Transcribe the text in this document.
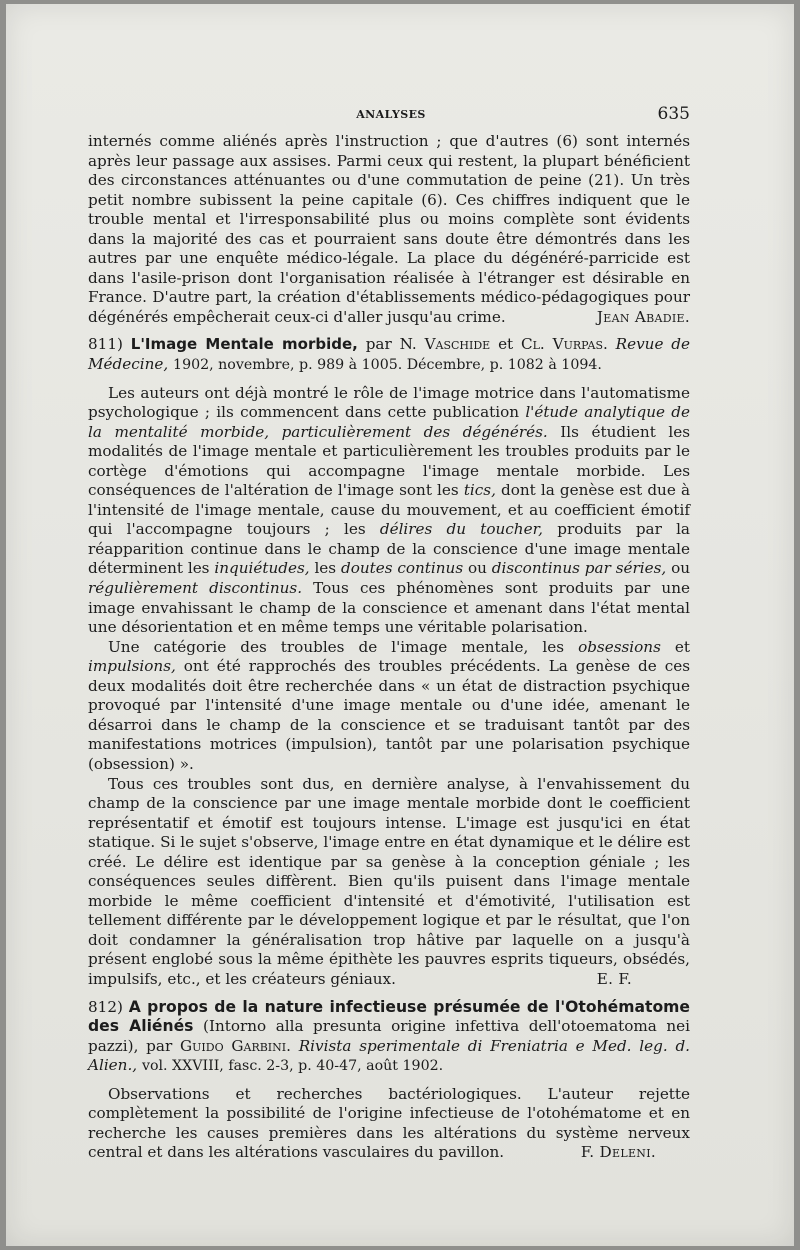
ANALYSES	635

internés comme aliénés après l'instruction ; que d'autres (6) sont internés après leur passage aux assises. Parmi ceux qui restent, la plupart bénéficient des circonstances atténuantes ou d'une commutation de peine (21). Un très petit nombre subissent la peine capitale (6). Ces chiffres indiquent que le trouble mental et l'irresponsabilité plus ou moins complète sont évidents dans la majorité des cas et pourraient sans doute être démontrés dans les autres par une enquête médico-légale. La place du dégénéré-parricide est dans l'asile-prison dont l'organisation réalisée à l'étranger est désirable en France. D'autre part, la création d'établissements médico-pédagogiques pour dégénérés empêcherait ceux-ci d'aller jusqu'au crime.	Jean Abadie.

811) L'Image Mentale morbide, par N. Vaschide et Cl. Vurpas. Revue de Médecine, 1902, novembre, p. 989 à 1005. Décembre, p. 1082 à 1094.

Les auteurs ont déjà montré le rôle de l'image motrice dans l'automatisme psychologique ; ils commencent dans cette publication l'étude analytique de la mentalité morbide, particulièrement des dégénérés. Ils étudient les modalités de l'image mentale et particulièrement les troubles produits par le cortège d'émotions qui accompagne l'image mentale morbide. Les conséquences de l'altération de l'image sont les tics, dont la genèse est due à l'intensité de l'image mentale, cause du mouvement, et au coefficient émotif qui l'accompagne toujours ; les délires du toucher, produits par la réapparition continue dans le champ de la conscience d'une image mentale déterminent les inquiétudes, les doutes continus ou discontinus par séries, ou régulièrement discontinus. Tous ces phénomènes sont produits par une image envahissant le champ de la conscience et amenant dans l'état mental une désorientation et en même temps une véritable polarisation.

Une catégorie des troubles de l'image mentale, les obsessions et impulsions, ont été rapprochés des troubles précédents. La genèse de ces deux modalités doit être recherchée dans « un état de distraction psychique provoqué par l'intensité d'une image mentale ou d'une idée, amenant le désarroi dans le champ de la conscience et se traduisant tantôt par des manifestations motrices (impulsion), tantôt par une polarisation psychique (obsession) ».

Tous ces troubles sont dus, en dernière analyse, à l'envahissement du champ de la conscience par une image mentale morbide dont le coefficient représentatif et émotif est toujours intense. L'image est jusqu'ici en état statique. Si le sujet s'observe, l'image entre en état dynamique et le délire est créé. Le délire est identique par sa genèse à la conception géniale ; les conséquences seules diffèrent. Bien qu'ils puisent dans l'image mentale morbide le même coefficient d'intensité et d'émotivité, l'utilisation est tellement différente par le développement logique et par le résultat, que l'on doit condamner la généralisation trop hâtive par laquelle on a jusqu'à présent englobé sous la même épithète les pauvres esprits tiqueurs, obsédés, impulsifs, etc., et les créateurs géniaux.	E. F.

812) A propos de la nature infectieuse présumée de l'Otohématome des Aliénés (Intorno alla presunta origine infettiva dell'otoematoma nei pazzi), par Guido Garbini. Rivista sperimentale di Freniatria e Med. leg. d. Alien., vol. XXVIII, fasc. 2-3, p. 40-47, août 1902.

Observations et recherches bactériologiques. L'auteur rejette complètement la possibilité de l'origine infectieuse de l'otohématome et en recherche les causes premières dans les altérations du système nerveux central et dans les altérations vasculaires du pavillon.	F. Deleni.
